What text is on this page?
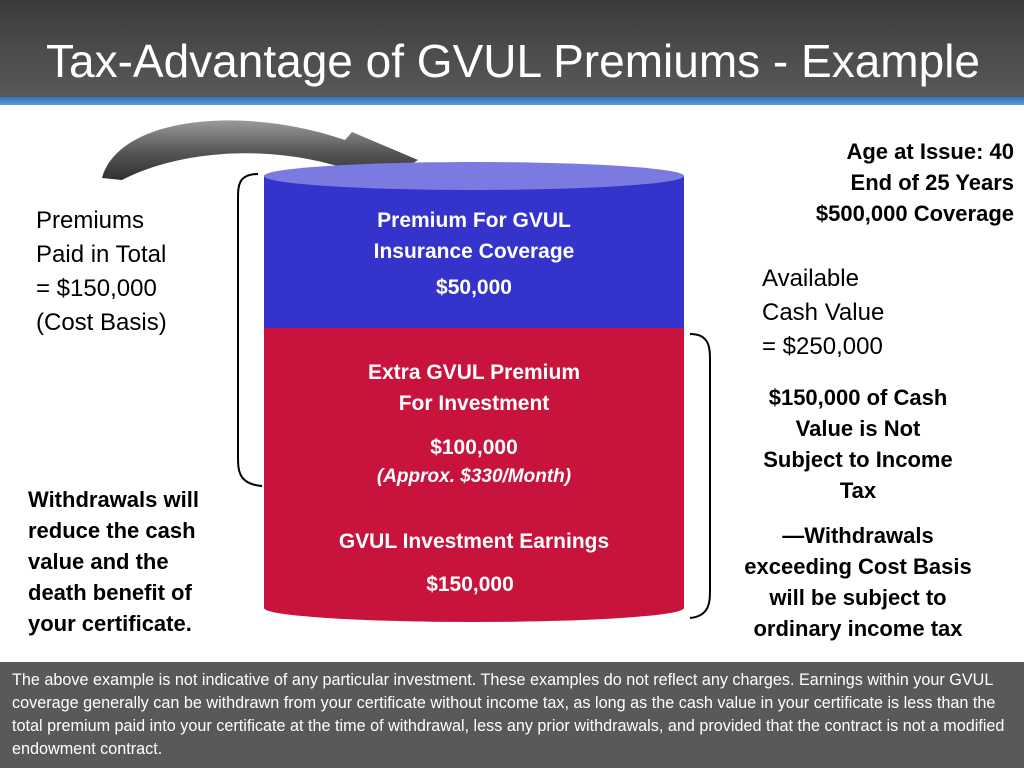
Tax-Advantage of GVUL Premiums - Example
Premium For GVUL
Insurance Coverage
$50,000
Extra GVUL Premium
For Investment
$100,000
(Approx. $330/Month)
GVUL Investment Earnings
$150,000
Premiums
Paid in Total
= $150,000
(Cost Basis)
Withdrawals will
reduce the cash
value and the
death benefit of
your certificate.
Age at Issue: 40
End of 25 Years
$500,000 Coverage
Available
Cash Value
= $250,000
$150,000 of Cash
Value is Not
Subject to Income
Tax
—Withdrawals
exceeding Cost Basis
will be subject to
ordinary income tax
The above example is not indicative of any particular investment. These examples do not reflect any charges. Earnings within your GVUL coverage generally can be withdrawn from your certificate without income tax, as long as the cash value in your certificate is less than the total premium paid into your certificate at the time of withdrawal, less any prior withdrawals, and provided that the contract is not a modified endowment contract.
